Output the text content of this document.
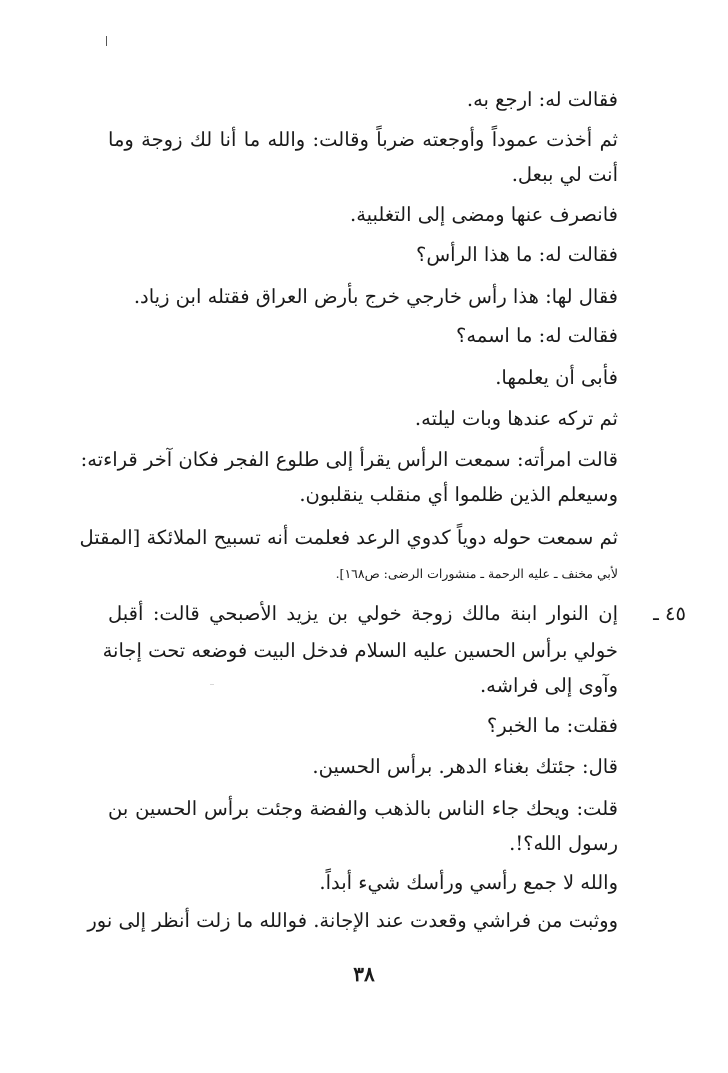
فقالت له: ارجع به.
ثم أخذت عموداً وأوجعته ضرباً وقالت: والله ما أنا لك زوجة وما
أنت لي ببعل.
فانصرف عنها ومضى إلى التغلبية.
فقالت له: ما هذا الرأس؟
فقال لها: هذا رأس خارجي خرج بأرض العراق فقتله ابن زياد.
فقالت له: ما اسمه؟
فأبى أن يعلمها.
ثم تركه عندها وبات ليلته.
قالت امرأته: سمعت الرأس يقرأ إلى طلوع الفجر فكان آخر قراءته:
وسيعلم الذين ظلموا أي منقلب ينقلبون.
ثم سمعت حوله دوياً كدوي الرعد فعلمت أنه تسبيح الملائكة [المقتل
لأبي مخنف ـ عليه الرحمة ـ منشورات الرضى: ص١٦٨].
٤٥ ـ
إن النوار ابنة مالك زوجة خولي بن يزيد الأصبحي قالت: أقبل
خولي برأس الحسين عليه السلام فدخل البيت فوضعه تحت إجانة
وآوى إلى فراشه.
فقلت: ما الخبر؟
قال: جئتك بغناء الدهر. برأس الحسين.
قلت: ويحك جاء الناس بالذهب والفضة وجئت برأس الحسين بن
رسول الله؟!.
والله لا جمع رأسي ورأسك شيء أبداً.
ووثبت من فراشي وقعدت عند الإجانة. فوالله ما زلت أنظر إلى نور
٣٨
